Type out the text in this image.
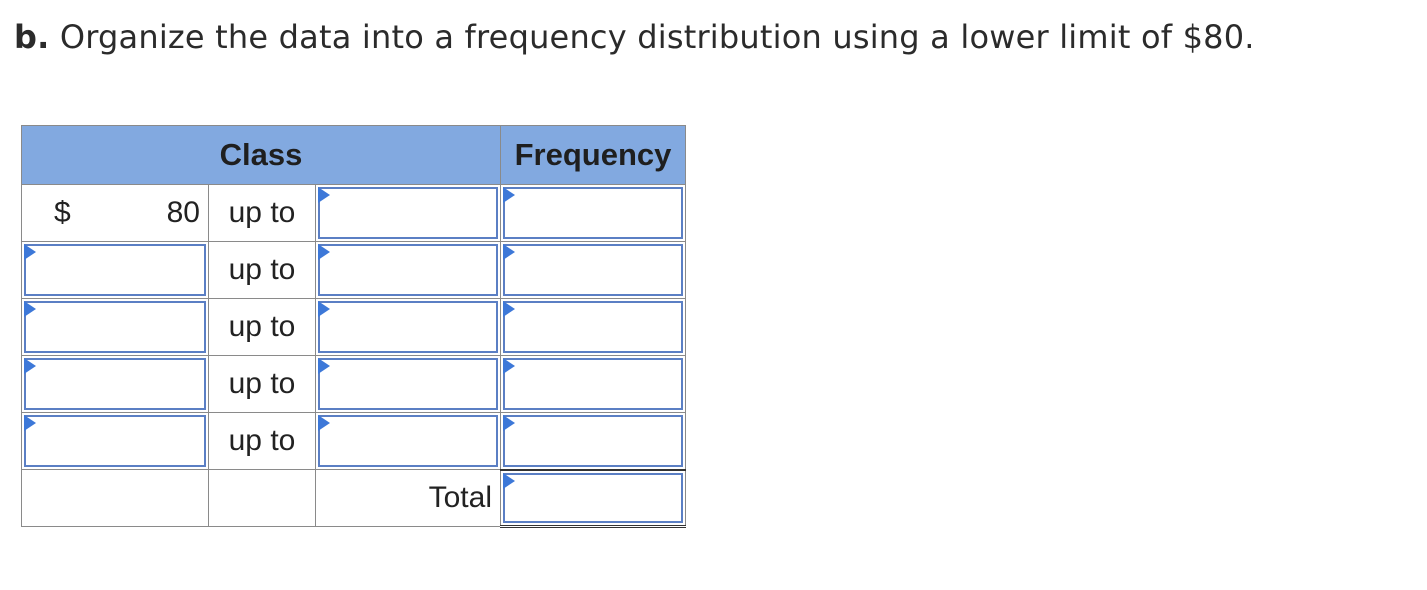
b. Organize the data into a frequency distribution using a lower limit of $80.
Class			Frequency

$ 80	up to		

	up to		

	up to		

	up to		

	up to		

		Total	
